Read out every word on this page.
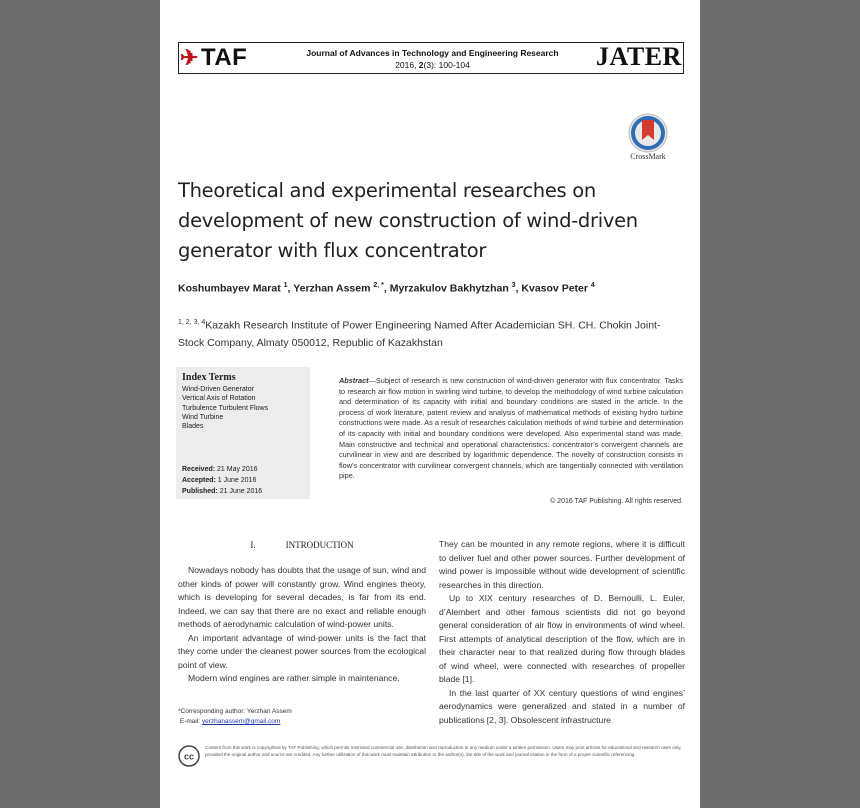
✈TAF	Journal of Advances in Technology and Engineering Research
2016, 2(3): 100-104	JATER
CrossMark
Theoretical and experimental researches on development of new construction of wind-driven generator with flux concentrator
Koshumbayev Marat $^1$, Yerzhan Assem $^{2, *}$, Myrzakulov Bakhytzhan $^3$, Kvasov Peter $^4$
$^{1, 2, 3, 4}$Kazakh Research Institute of Power Engineering Named After Academician SH. CH. Chokin Joint-Stock Company, Almaty 050012, Republic of Kazakhstan
Index Terms
Wind-Driven Generator
Vertical Axis of Rotation
Turbulence Turbulent Flows
Wind Turbine
Blades
Received: 21 May 2016
Accepted: 1 June 2016
Published: 21 June 2016
Abstract—Subject of research is new construction of wind-driven generator with flux concentrator. Tasks to research air flow motion in swirling wind turbine, to develop the methodology of wind turbine calculation and determination of its capacity with initial and boundary conditions are stated in the article. In the process of work literature, patent review and analysis of mathematical methods of existing hydro turbine constructions were made. As a result of researches calculation methods of wind turbine and determination of its capacity with initial and boundary conditions were developed. Also experimental stand was made. Main constructive and technical and operational characteristics: concentrator’s convergent channels are curvilinear in view and are described by logarithmic dependence. The novelty of construction consists in flow’s concentrator with curvilinear convergent channels, which are tangentially connected with ventilation pipe.
© 2016 TAF Publishing. All rights reserved.
I.	INTRODUCTION

Nowadays nobody has doubts that the usage of sun, wind and other kinds of power will constantly grow. Wind engines theory, which is developing for several decades, is far from its end. Indeed, we can say that there are no exact and reliable enough methods of aerodynamic calculation of wind-power units.

An important advantage of wind-power units is the fact that they come under the cleanest power sources from the ecological point of view.

Modern wind engines are rather simple in maintenance.

They can be mounted in any remote regions, where it is difficult to deliver fuel and other power sources. Further development of wind power is impossible without wide development of scientific researches in this direction.

Up to XIX century researches of D. Bernoulli, L. Euler, d’Alembert and other famous scientists did not go beyond general consideration of air flow in environments of wind wheel. First attempts of analytical description of the flow, which are in their character near to that realized during flow through blades of wind wheel, were connected with researches of propeller blade [1].

In the last quarter of XX century questions of wind engines’ aerodynamics were generalized and stated in a number of publications [2, 3]. Obsolescent infrastructure

*Corresponding author: Yerzhan Assem
E-mail: yerzhanassem@gmail.com
cc
Content from this work is copyrighted by TAF Publishing, which permits restricted commercial use, distribution and reproduction in any medium under a written permission. Users may print articles for educational and research uses only, provided the original author and source are credited. Any further utilization of this work must maintain attribution to the author(s), the title of the work and journal citation in the form of a proper scientific referencing.
